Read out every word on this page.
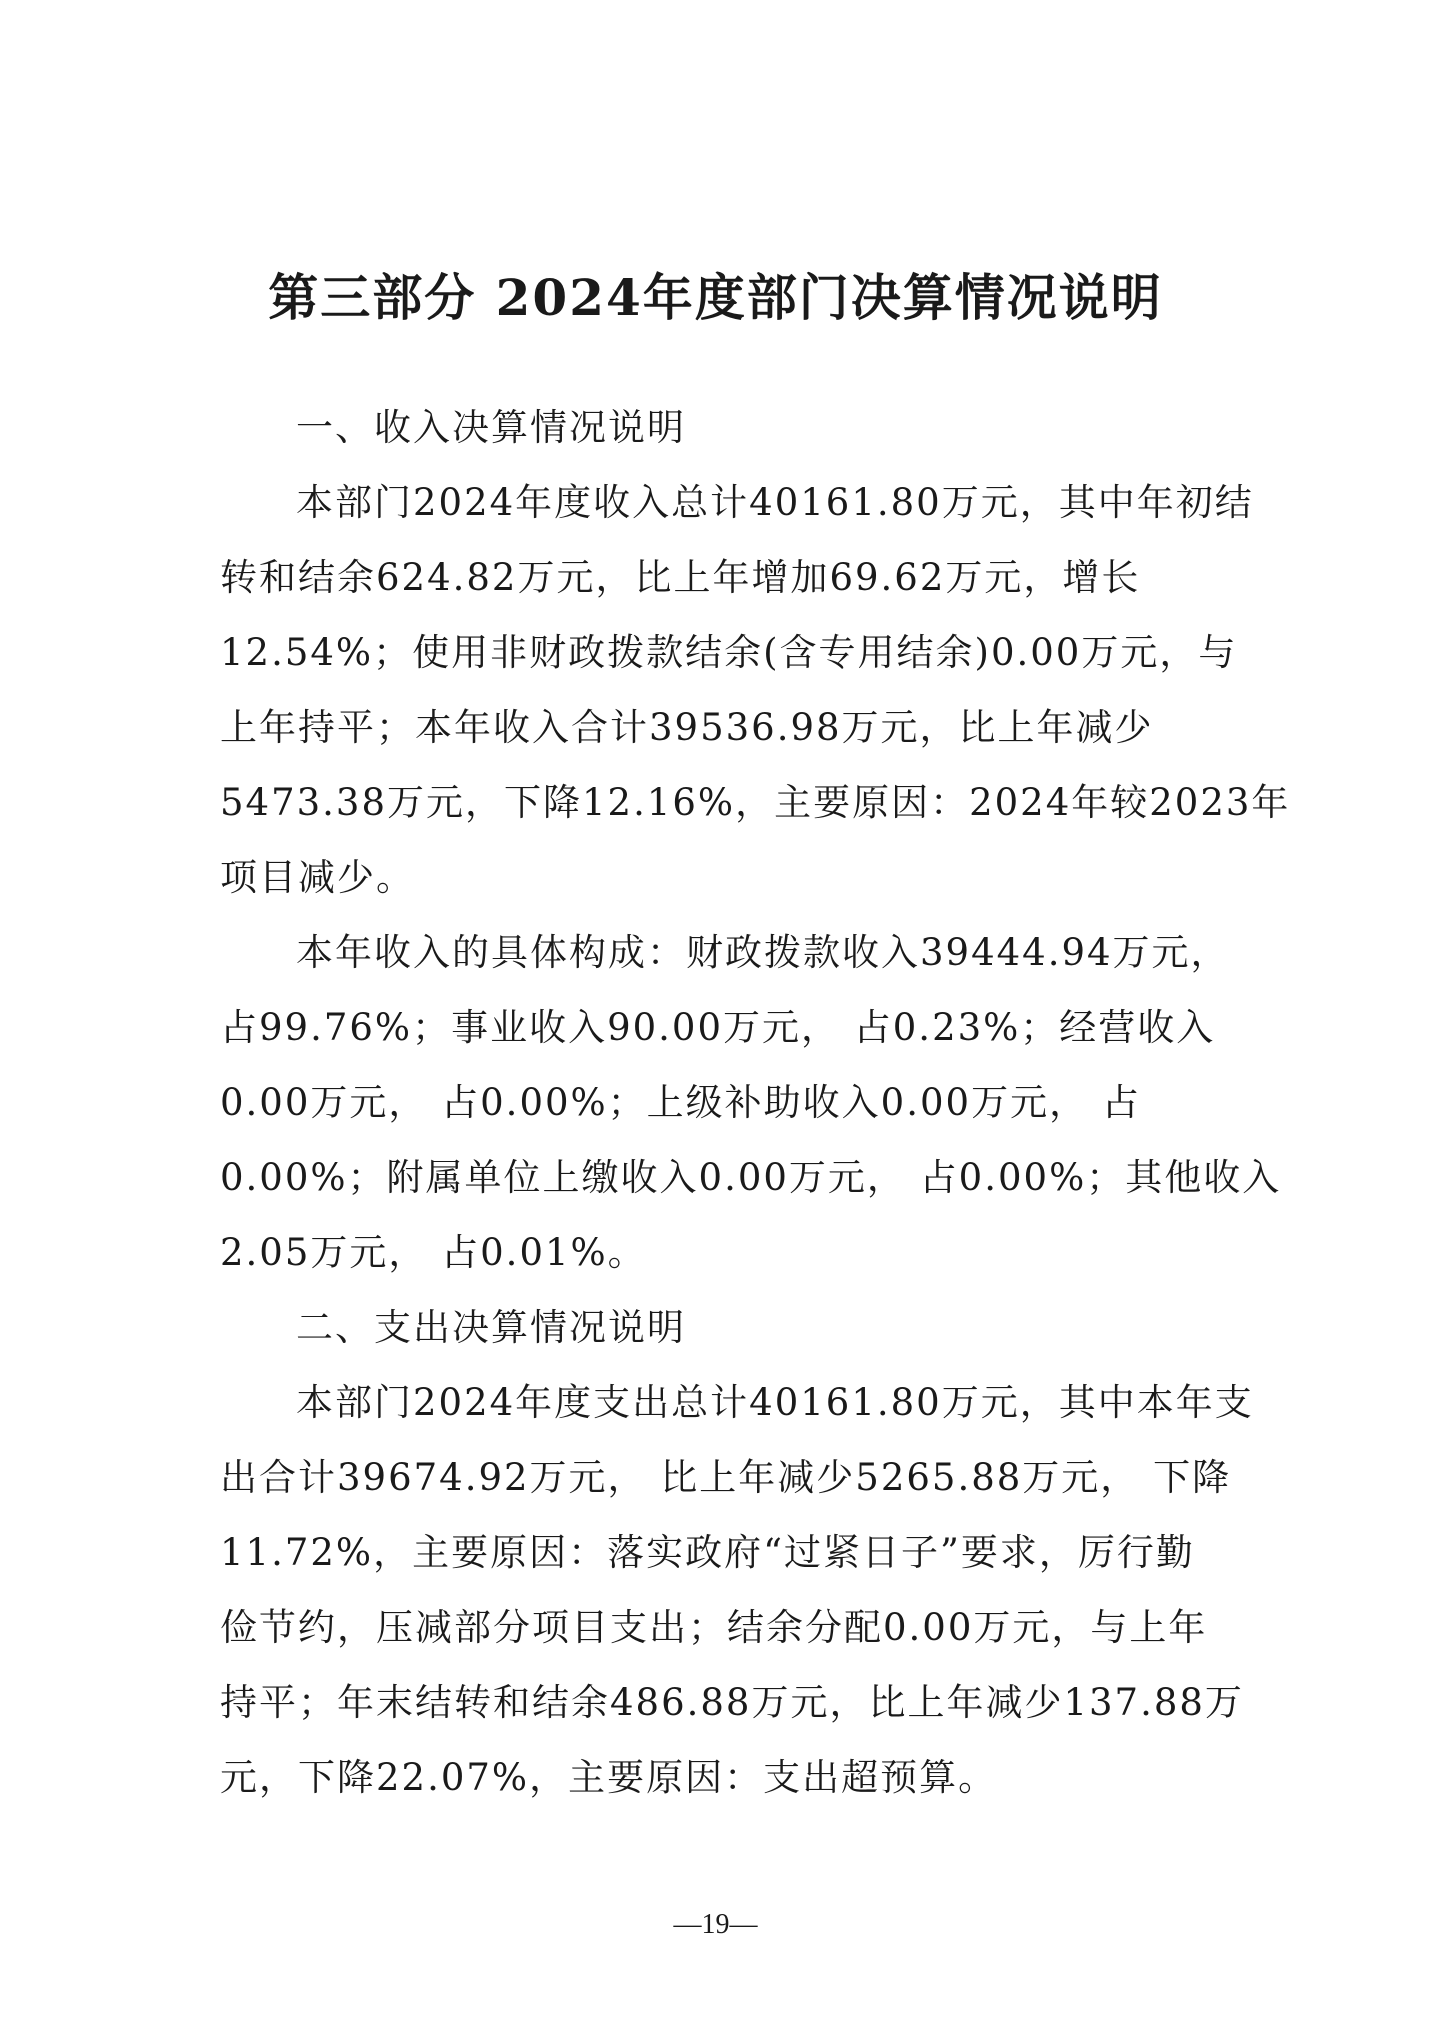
第三部分 2024年度部门决算情况说明
一、收入决算情况说明
本部门2024年度收入总计40161.80万元，其中年初结
转和结余624.82万元，比上年增加69.62万元，增长
12.54%；使用非财政拨款结余(含专用结余)0.00万元，与
上年持平；本年收入合计39536.98万元，比上年减少
5473.38万元，下降12.16%，主要原因：2024年较2023年
项目减少。
本年收入的具体构成：财政拨款收入39444.94万元，
占99.76%；事业收入90.00万元， 占0.23%；经营收入
0.00万元， 占0.00%；上级补助收入0.00万元， 占
0.00%；附属单位上缴收入0.00万元， 占0.00%；其他收入
2.05万元， 占0.01%。
二、支出决算情况说明
本部门2024年度支出总计40161.80万元，其中本年支
出合计39674.92万元， 比上年减少5265.88万元， 下降
11.72%，主要原因：落实政府“过紧日子”要求，厉行勤
俭节约，压减部分项目支出；结余分配0.00万元，与上年
持平；年末结转和结余486.88万元，比上年减少137.88万
元，下降22.07%，主要原因：支出超预算。
—19—
